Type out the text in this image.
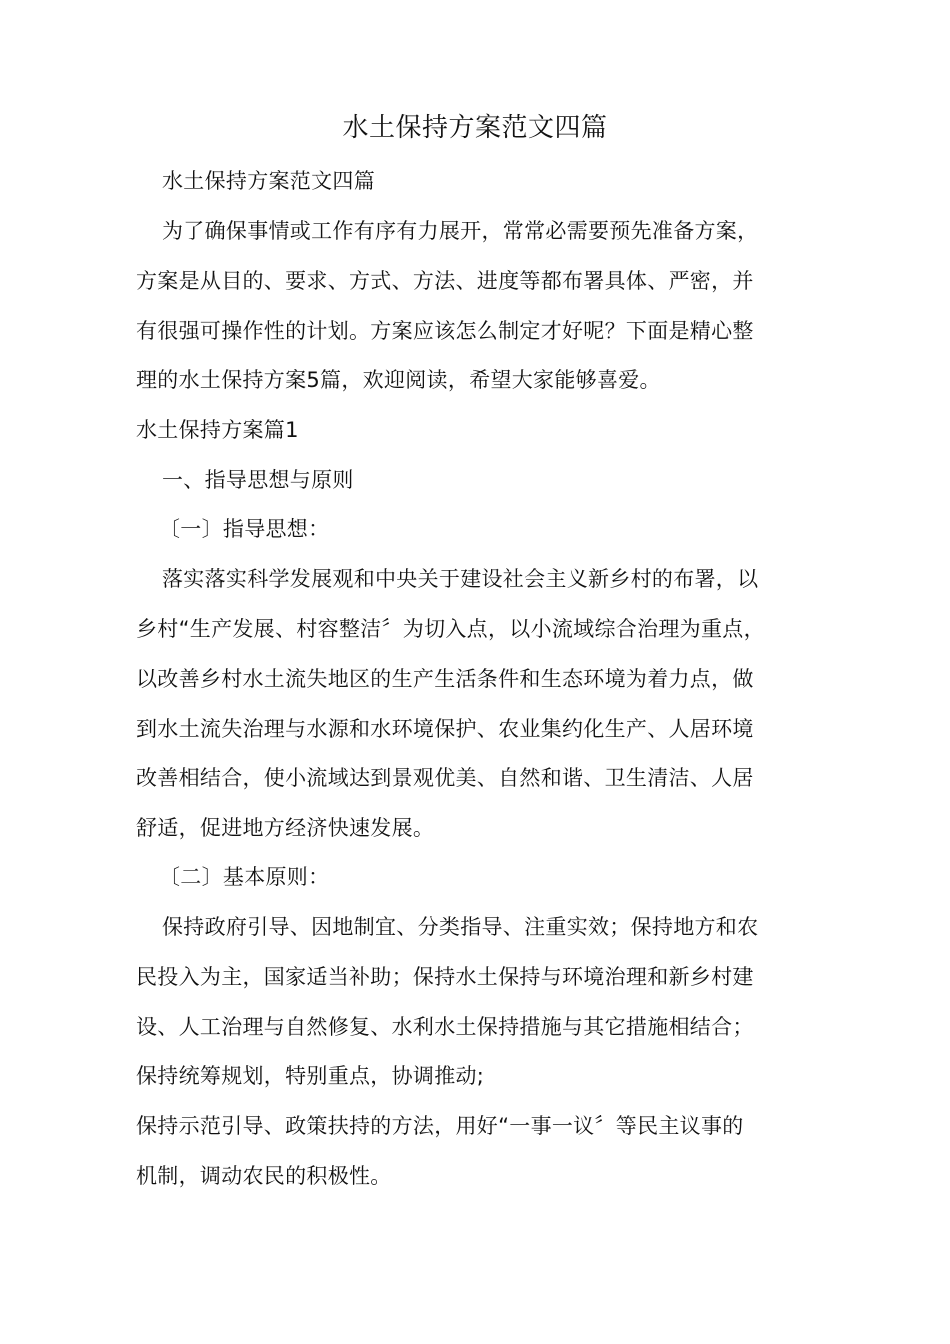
水土保持方案范文四篇
水土保持方案范文四篇
为了确保事情或工作有序有力展开，常常必需要预先准备方案，
方案是从目的、要求、方式、方法、进度等都布署具体、严密，并
有很强可操作性的计划。方案应该怎么制定才好呢？下面是精心整
理的水土保持方案5篇，欢迎阅读，希望大家能够喜爱。
水土保持方案篇1
一、指导思想与原则
〔一〕指导思想：
落实落实科学发展观和中央关于建设社会主义新乡村的布署，以
乡村“生产发展、村容整洁〞为切入点，以小流域综合治理为重点，
以改善乡村水土流失地区的生产生活条件和生态环境为着力点，做
到水土流失治理与水源和水环境保护、农业集约化生产、人居环境
改善相结合，使小流域达到景观优美、自然和谐、卫生清洁、人居
舒适，促进地方经济快速发展。
〔二〕基本原则：
保持政府引导、因地制宜、分类指导、注重实效；保持地方和农
民投入为主，国家适当补助；保持水土保持与环境治理和新乡村建
设、人工治理与自然修复、水利水土保持措施与其它措施相结合；
保持统筹规划，特别重点，协调推动;
保持示范引导、政策扶持的方法，用好“一事一议〞等民主议事的
机制，调动农民的积极性。
